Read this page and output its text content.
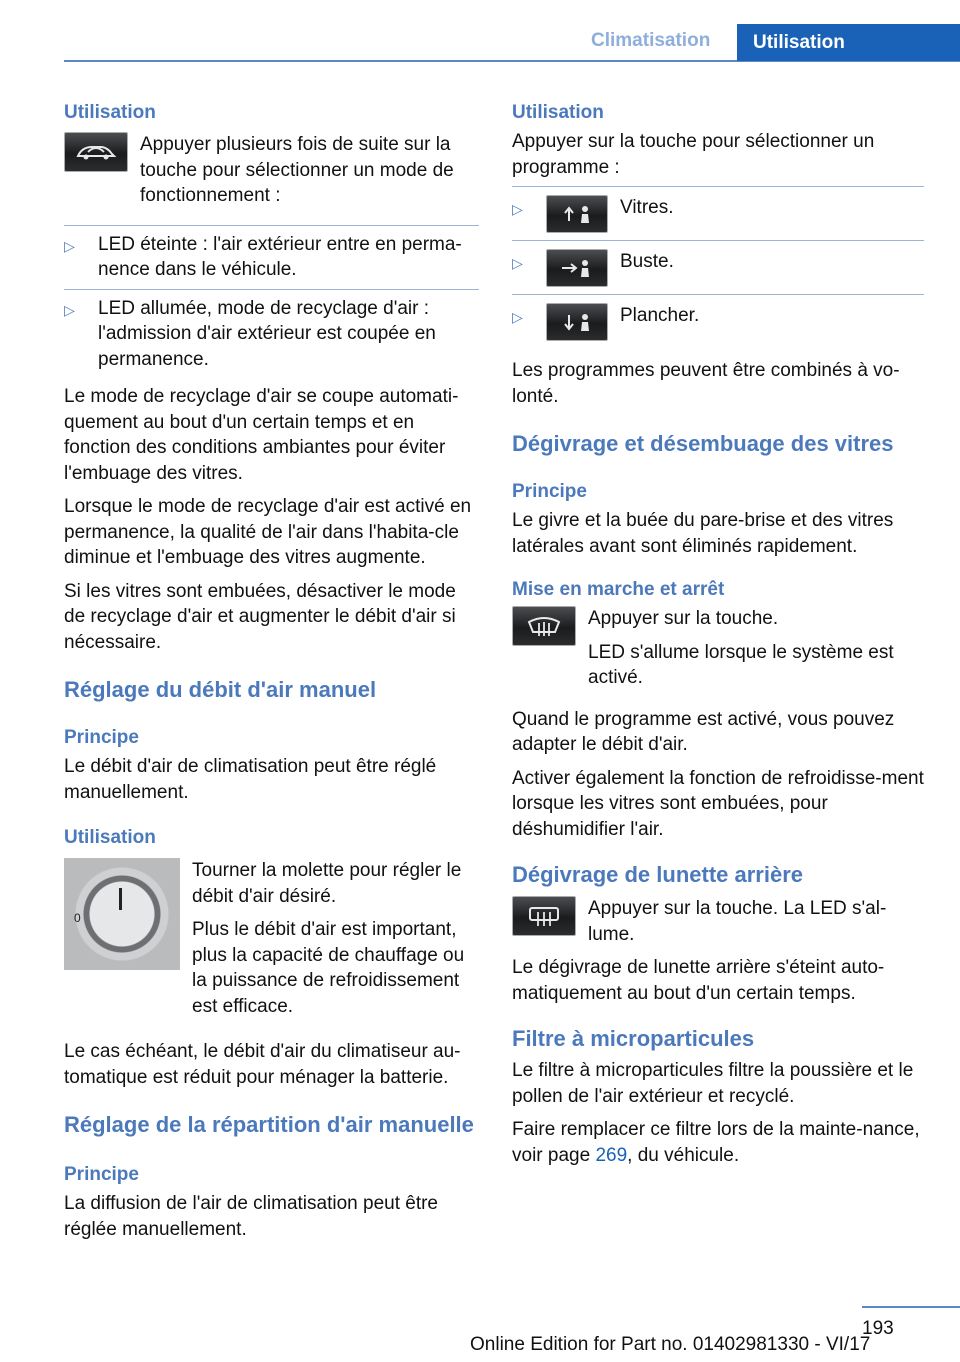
Climatisation	Utilisation
Utilisation

Appuyer plusieurs fois de suite sur la touche pour sélectionner un mode de fonctionnement :

▷	LED éteinte : l'air extérieur entre en perma-nence dans le véhicule.
▷	LED allumée, mode de recyclage d'air : l'admission d'air extérieur est coupée en permanence.

Le mode de recyclage d'air se coupe automati-quement au bout d'un certain temps et en fonction des conditions ambiantes pour éviter l'embuage des vitres.

Lorsque le mode de recyclage d'air est activé en permanence, la qualité de l'air dans l'habita-cle diminue et l'embuage des vitres augmente.

Si les vitres sont embuées, désactiver le mode de recyclage d'air et augmenter le débit d'air si nécessaire.

Réglage du débit d'air manuel
Principe

Le débit d'air de climatisation peut être réglé manuellement.

Utilisation
0

Tourner la molette pour régler le débit d'air désiré.

Plus le débit d'air est important, plus la capacité de chauffage ou la puissance de refroidissement est efficace.

Le cas échéant, le débit d'air du climatiseur au-tomatique est réduit pour ménager la batterie.

Réglage de la répartition d'air manuelle
Principe

La diffusion de l'air de climatisation peut être réglée manuellement.

Utilisation

Appuyer sur la touche pour sélectionner un programme :

▷	Vitres.
▷	Buste.
▷	Plancher.

Les programmes peuvent être combinés à vo-lonté.

Dégivrage et désembuage des vitres
Principe

Le givre et la buée du pare-brise et des vitres latérales avant sont éliminés rapidement.

Mise en marche et arrêt

Appuyer sur la touche.

LED s'allume lorsque le système est activé.

Quand le programme est activé, vous pouvez adapter le débit d'air.

Activer également la fonction de refroidisse-ment lorsque les vitres sont embuées, pour déshumidifier l'air.

Dégivrage de lunette arrière

Appuyer sur la touche. La LED s'al-lume.

Le dégivrage de lunette arrière s'éteint auto-matiquement au bout d'un certain temps.

Filtre à microparticules

Le filtre à microparticules filtre la poussière et le pollen de l'air extérieur et recyclé.

Faire remplacer ce filtre lors de la mainte-nance, voir page 269, du véhicule.

193
Online Edition for Part no. 01402981330 - VI/17
